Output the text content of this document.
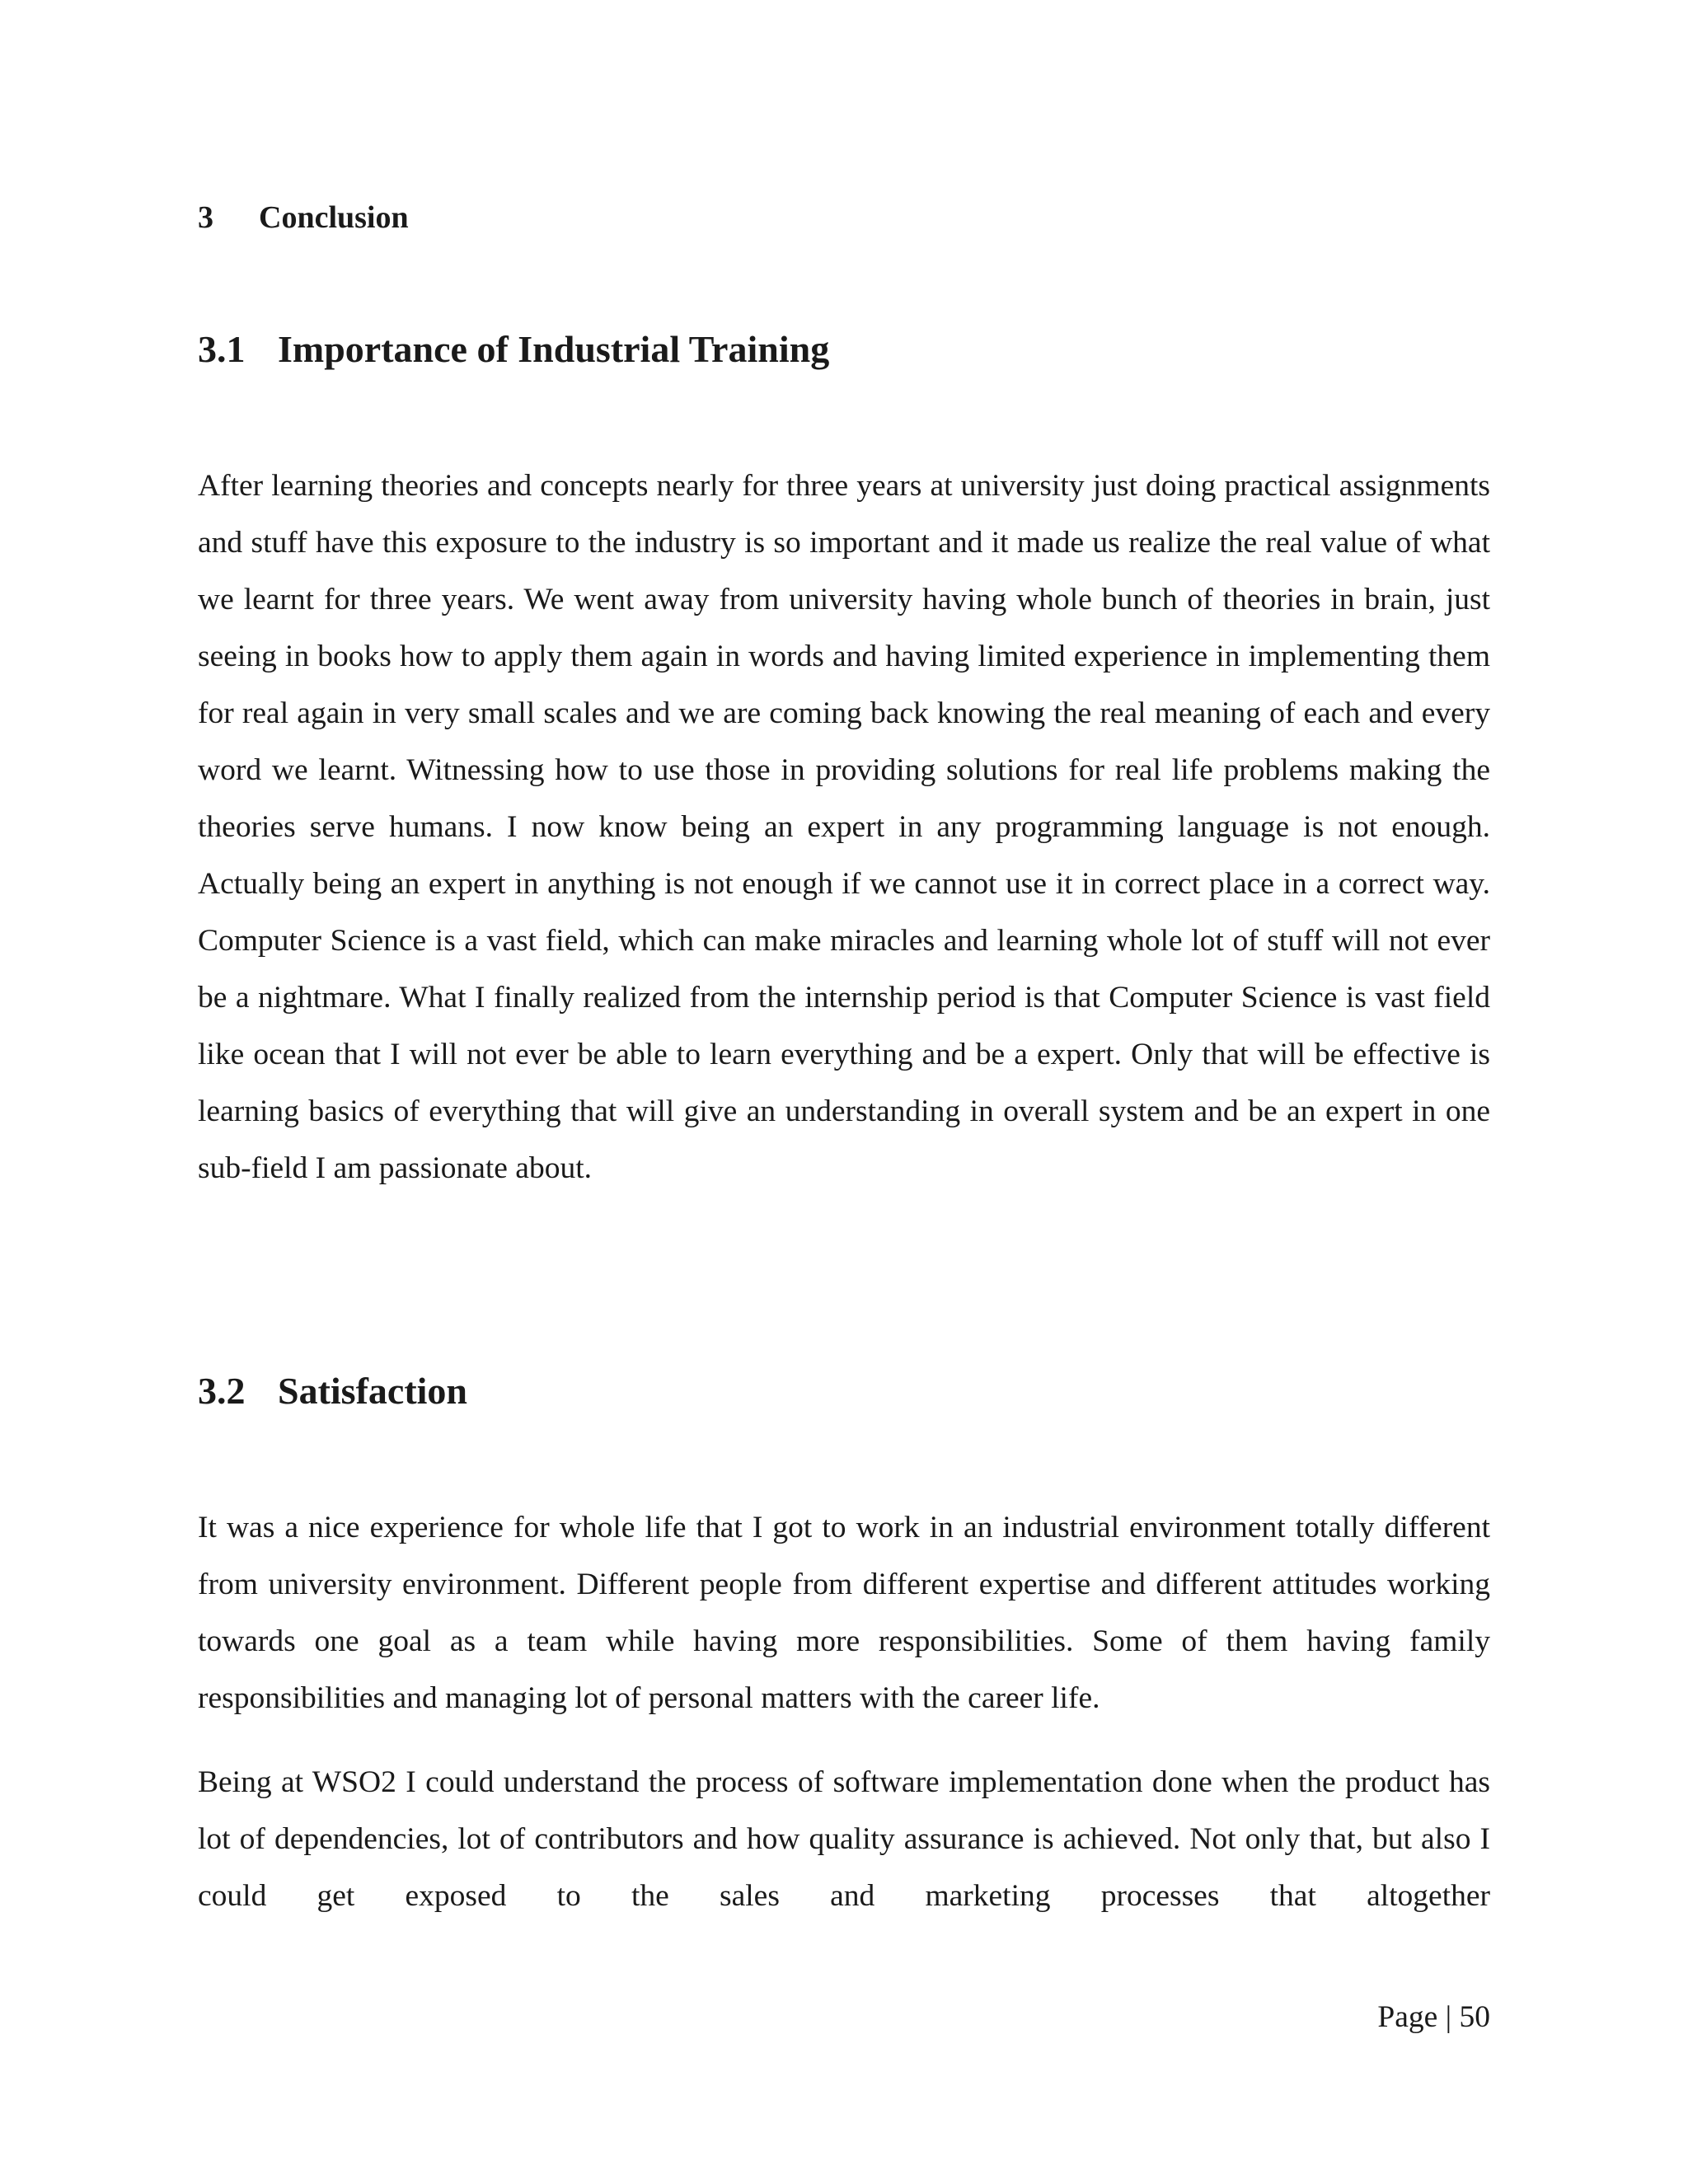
3 Conclusion
3.1 Importance of Industrial Training

After learning theories and concepts nearly for three years at university just doing practical assignments and stuff have this exposure to the industry is so important and it made us realize the real value of what we learnt for three years. We went away from university having whole bunch of theories in brain, just seeing in books how to apply them again in words and having limited experience in implementing them for real again in very small scales and we are coming back knowing the real meaning of each and every word we learnt. Witnessing how to use those in providing solutions for real life problems making the theories serve humans. I now know being an expert in any programming language is not enough. Actually being an expert in anything is not enough if we cannot use it in correct place in a correct way. Computer Science is a vast field, which can make miracles and learning whole lot of stuff will not ever be a nightmare. What I finally realized from the internship period is that Computer Science is vast field like ocean that I will not ever be able to learn everything and be a expert. Only that will be effective is learning basics of everything that will give an understanding in overall system and be an expert in one sub-field I am passionate about.

3.2 Satisfaction

It was a nice experience for whole life that I got to work in an industrial environment totally different from university environment. Different people from different expertise and different attitudes working towards one goal as a team while having more responsibilities. Some of them having family responsibilities and managing lot of personal matters with the career life.

Being at WSO2 I could understand the process of software implementation done when the product has lot of dependencies, lot of contributors and how quality assurance is achieved. Not only that, but also I could get exposed to the sales and marketing processes that altogether

Page | 50
